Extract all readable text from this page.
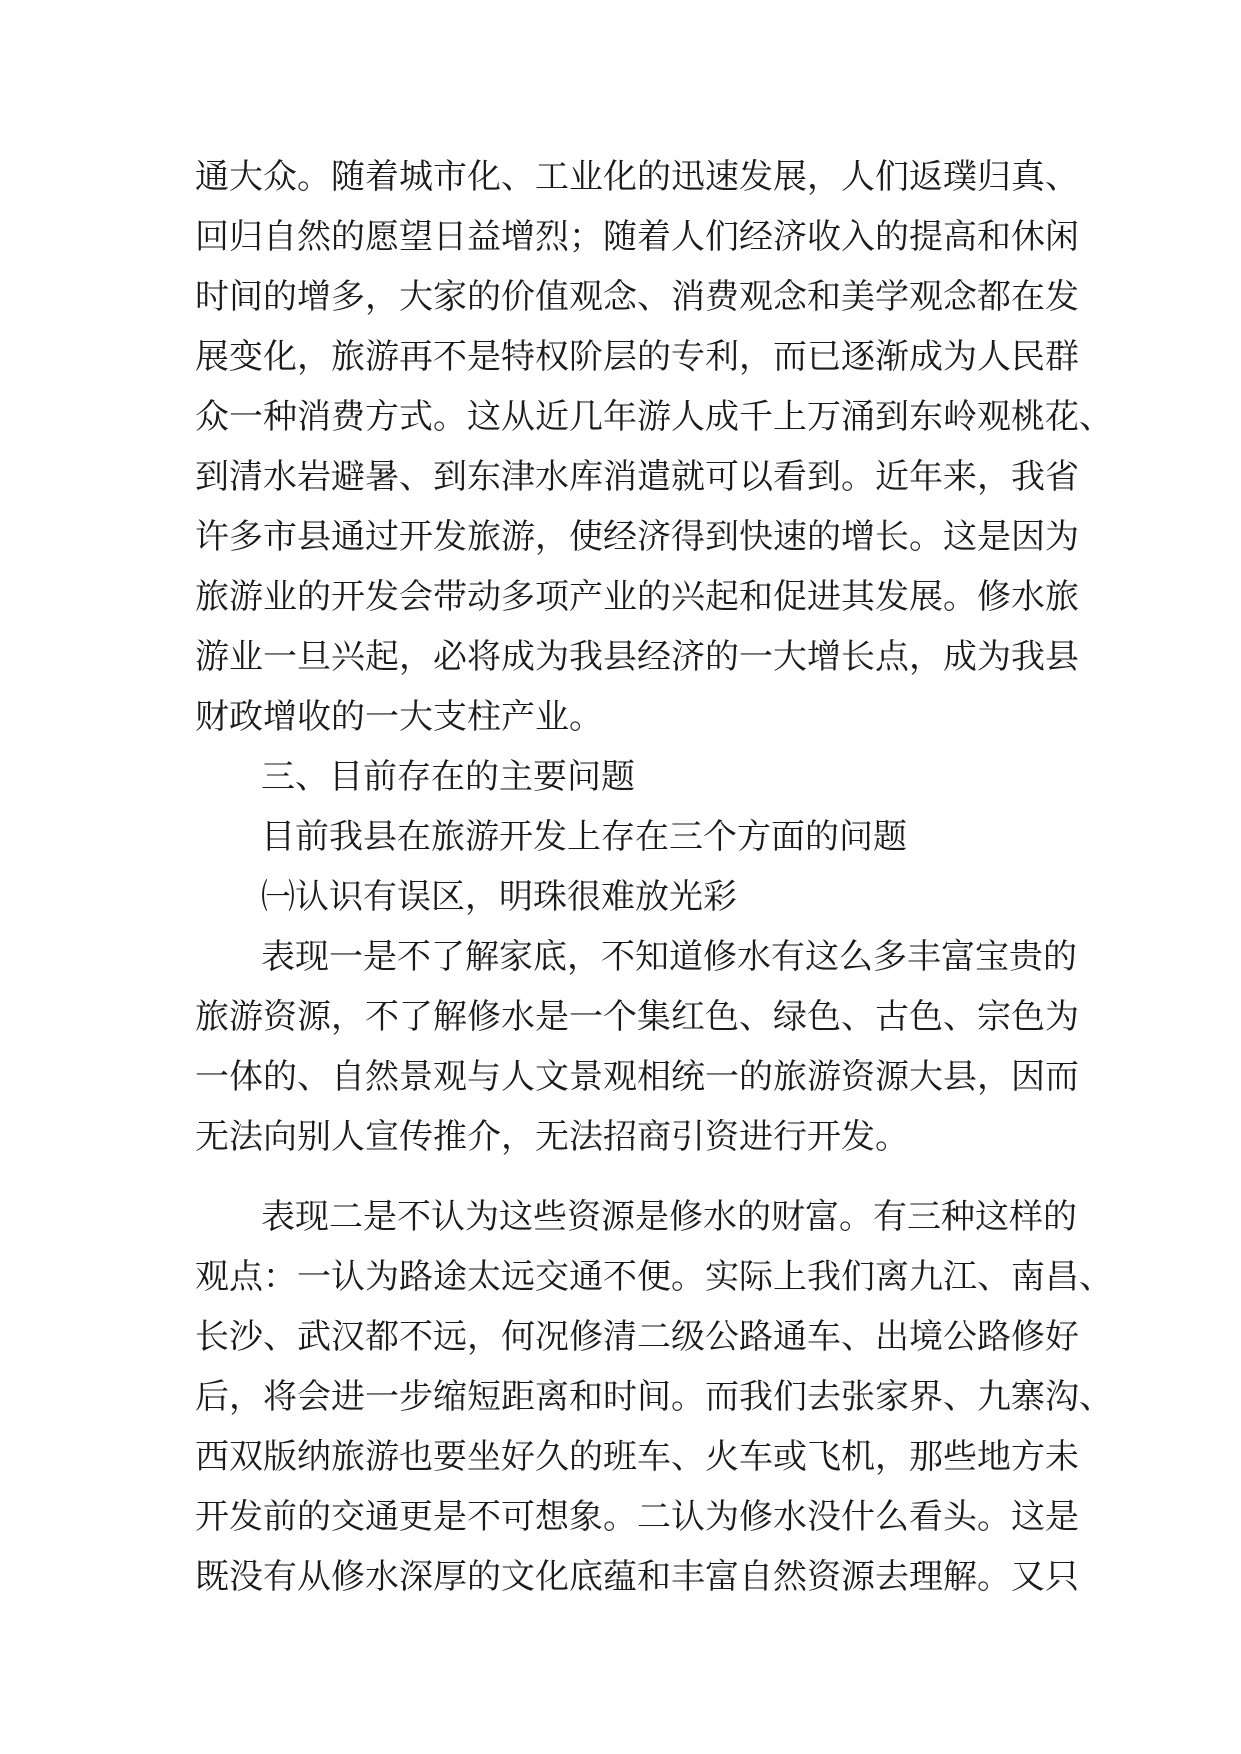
通大众。随着城市化、工业化的迅速发展，人们返璞归真、
回归自然的愿望日益增烈；随着人们经济收入的提高和休闲
时间的增多，大家的价值观念、消费观念和美学观念都在发
展变化，旅游再不是特权阶层的专利，而已逐渐成为人民群
众一种消费方式。这从近几年游人成千上万涌到东岭观桃花、
到清水岩避暑、到东津水库消遣就可以看到。近年来，我省
许多市县通过开发旅游，使经济得到快速的增长。这是因为
旅游业的开发会带动多项产业的兴起和促进其发展。修水旅
游业一旦兴起，必将成为我县经济的一大增长点，成为我县
财政增收的一大支柱产业。
三、目前存在的主要问题
目前我县在旅游开发上存在三个方面的问题
㈠认识有误区，明珠很难放光彩
表现一是不了解家底，不知道修水有这么多丰富宝贵的
旅游资源，不了解修水是一个集红色、绿色、古色、宗色为
一体的、自然景观与人文景观相统一的旅游资源大县，因而
无法向别人宣传推介，无法招商引资进行开发。
表现二是不认为这些资源是修水的财富。有三种这样的
观点：一认为路途太远交通不便。实际上我们离九江、南昌、
长沙、武汉都不远，何况修清二级公路通车、出境公路修好
后，将会进一步缩短距离和时间。而我们去张家界、九寨沟、
西双版纳旅游也要坐好久的班车、火车或飞机，那些地方未
开发前的交通更是不可想象。二认为修水没什么看头。这是
既没有从修水深厚的文化底蕴和丰富自然资源去理解。又只
